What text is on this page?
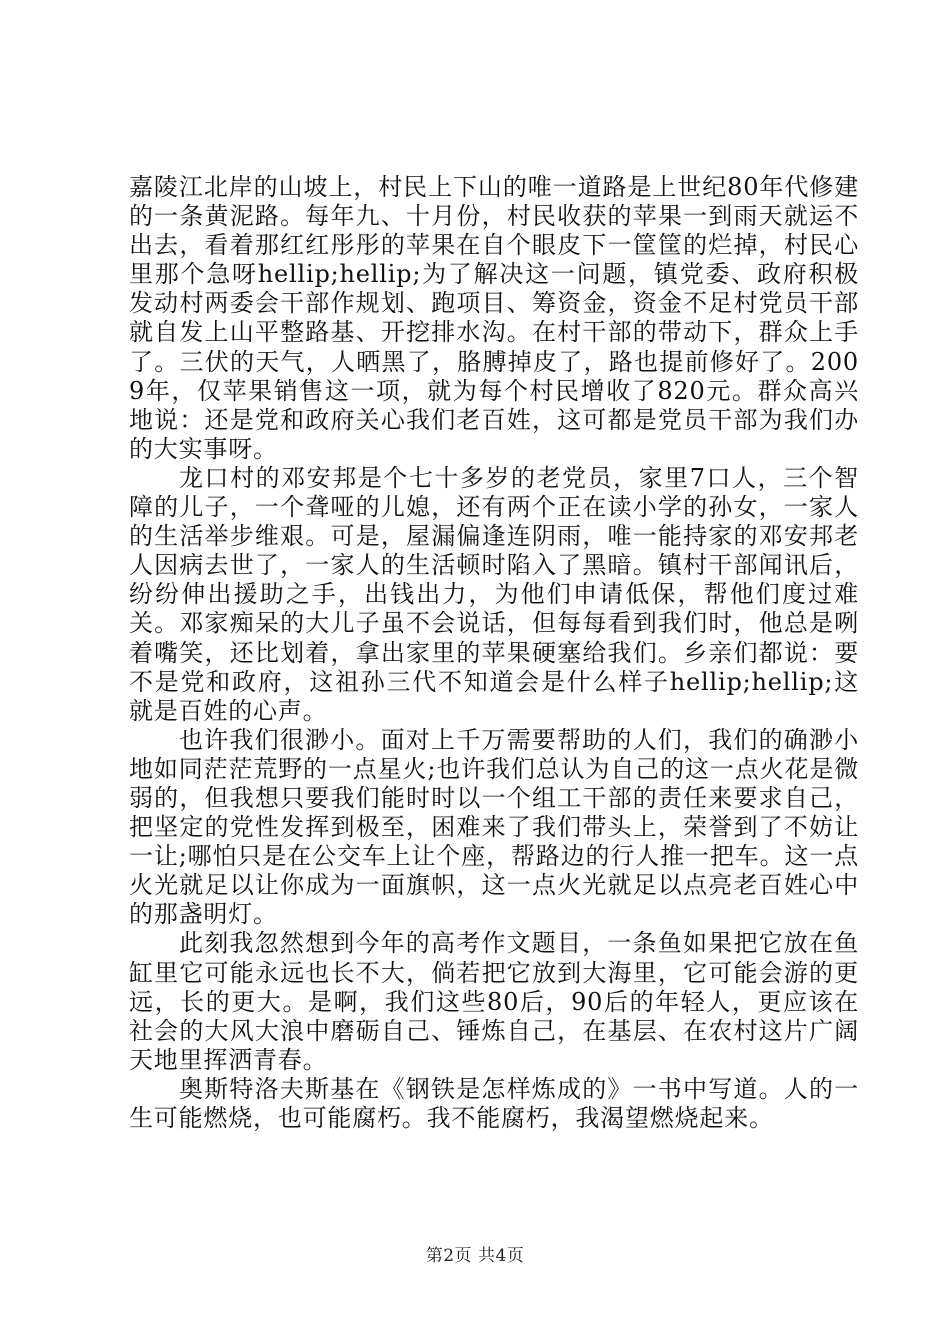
嘉陵江北岸的山坡上，村民上下山的唯一道路是上世纪80年代修建的一条黄泥路。每年九、十月份，村民收获的苹果一到雨天就运不出去，看着那红红彤彤的苹果在自个眼皮下一筐筐的烂掉，村民心里那个急呀hellip;hellip;为了解决这一问题，镇党委、政府积极发动村两委会干部作规划、跑项目、筹资金，资金不足村党员干部就自发上山平整路基、开挖排水沟。在村干部的带动下，群众上手了。三伏的天气，人晒黑了，胳膊掉皮了，路也提前修好了。2009年，仅苹果销售这一项，就为每个村民增收了820元。群众高兴地说：还是党和政府关心我们老百姓，这可都是党员干部为我们办的大实事呀。

龙口村的邓安邦是个七十多岁的老党员，家里7口人，三个智障的儿子，一个聋哑的儿媳，还有两个正在读小学的孙女，一家人的生活举步维艰。可是，屋漏偏逢连阴雨，唯一能持家的邓安邦老人因病去世了，一家人的生活顿时陷入了黑暗。镇村干部闻讯后，纷纷伸出援助之手，出钱出力，为他们申请低保，帮他们度过难关。邓家痴呆的大儿子虽不会说话，但每每看到我们时，他总是咧着嘴笑，还比划着，拿出家里的苹果硬塞给我们。乡亲们都说：要不是党和政府，这祖孙三代不知道会是什么样子hellip;hellip;这就是百姓的心声。

也许我们很渺小。面对上千万需要帮助的人们，我们的确渺小地如同茫茫荒野的一点星火;也许我们总认为自己的这一点火花是微弱的，但我想只要我们能时时以一个组工干部的责任来要求自己，把坚定的党性发挥到极至，困难来了我们带头上，荣誉到了不妨让一让;哪怕只是在公交车上让个座，帮路边的行人推一把车。这一点火光就足以让你成为一面旗帜，这一点火光就足以点亮老百姓心中的那盏明灯。

此刻我忽然想到今年的高考作文题目，一条鱼如果把它放在鱼缸里它可能永远也长不大，倘若把它放到大海里，它可能会游的更远，长的更大。是啊，我们这些80后，90后的年轻人，更应该在社会的大风大浪中磨砺自己、锤炼自己，在基层、在农村这片广阔天地里挥洒青春。

奥斯特洛夫斯基在《钢铁是怎样炼成的》一书中写道。人的一生可能燃烧，也可能腐朽。我不能腐朽，我渴望燃烧起来。

第2页 共4页
